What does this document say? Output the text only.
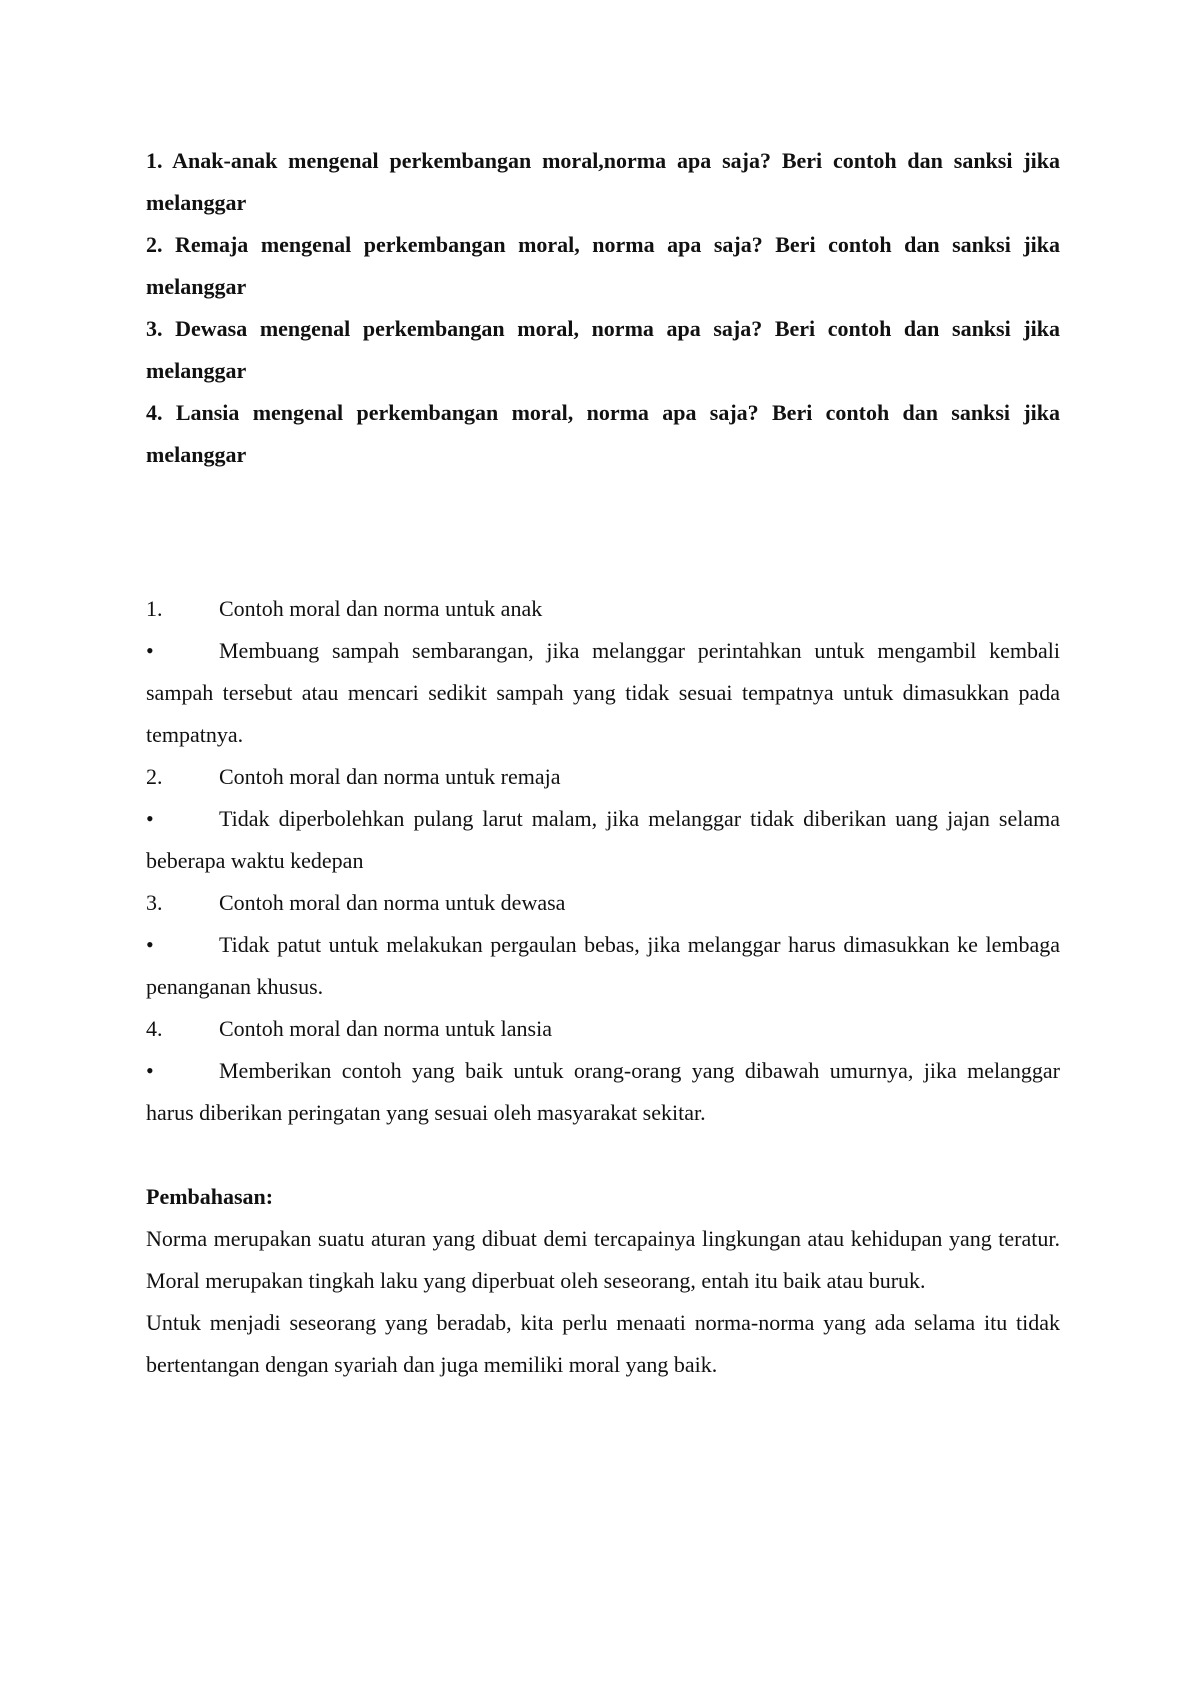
1. Anak-anak mengenal perkembangan moral,norma apa saja? Beri contoh dan sanksi jika melanggar

2. Remaja mengenal perkembangan moral, norma apa saja? Beri contoh dan sanksi jika melanggar

3. Dewasa mengenal perkembangan moral, norma apa saja? Beri contoh dan sanksi jika melanggar

4. Lansia mengenal perkembangan moral, norma apa saja? Beri contoh dan sanksi jika melanggar

1.	Contoh moral dan norma untuk anak

•	Membuang sampah sembarangan, jika melanggar perintahkan untuk mengambil kembali sampah tersebut atau mencari sedikit sampah yang tidak sesuai tempatnya untuk dimasukkan pada tempatnya.

2.	Contoh moral dan norma untuk remaja

•	Tidak diperbolehkan pulang larut malam, jika melanggar tidak diberikan uang jajan selama beberapa waktu kedepan

3.	Contoh moral dan norma untuk dewasa

•	Tidak patut untuk melakukan pergaulan bebas, jika melanggar harus dimasukkan ke lembaga penanganan khusus.

4.	Contoh moral dan norma untuk lansia

•	Memberikan contoh yang baik untuk orang-orang yang dibawah umurnya, jika melanggar harus diberikan peringatan yang sesuai oleh masyarakat sekitar.

Pembahasan:

Norma merupakan suatu aturan yang dibuat demi tercapainya lingkungan atau kehidupan yang teratur. Moral merupakan tingkah laku yang diperbuat oleh seseorang, entah itu baik atau buruk.

Untuk menjadi seseorang yang beradab, kita perlu menaati norma-norma yang ada selama itu tidak bertentangan dengan syariah dan juga memiliki moral yang baik.
